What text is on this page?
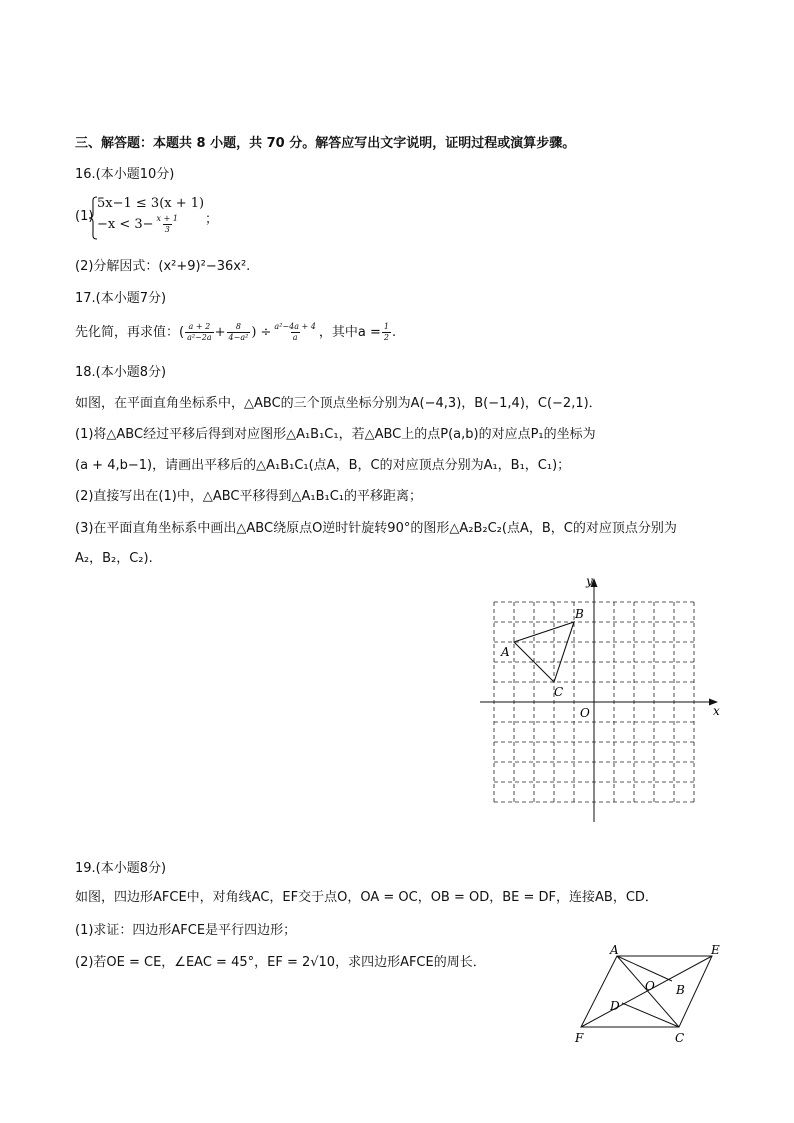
三、解答题：本题共 8 小题，共 70 分。解答应写出文字说明，证明过程或演算步骤。
16.(本小题10分)
(1)
5x−1 ≤ 3(x + 1)
$-x < 3- \frac{x + 1}{3}$ ；
(2)分解因式：(x²+9)²−36x².
17.(本小题7分)
先化简，再求值：( $\frac{a + 2}{\text{a²−2a}} + \frac{8}{\text{4−a²}}$ ) ÷ $\frac{\text{a²−4a + 4}}{a}$ ，其中$a = \frac{1}{2}$ .
18.(本小题8分)
如图，在平面直角坐标系中，△ABC的三个顶点坐标分别为A(−4,3)，B(−1,4)，C(−2,1)．
(1)将△ABC经过平移后得到对应图形△A₁B₁C₁，若△ABC上的点P(a,b)的对应点P₁的坐标为
(a + 4,b−1)，请画出平移后的△A₁B₁C₁(点A，B，C的对应顶点分别为A₁，B₁，C₁)；
(2)直接写出在(1)中，△ABC平移得到△A₁B₁C₁的平移距离；
(3)在平面直角坐标系中画出△ABC绕原点O逆时针旋转90°的图形△A₂B₂C₂(点A，B，C的对应顶点分别为
A₂，B₂，C₂).
x
y
O
A
B
C
19.(本小题8分)
如图，四边形AFCE中，对角线AC，EF交于点O，OA = OC，OB = OD，BE = DF，连接AB，CD．
(1)求证：四边形AFCE是平行四边形；
(2)若OE = CE，∠EAC = 45°，EF = 2√10，求四边形AFCE的周长．
A	E
O B
D
F	C
